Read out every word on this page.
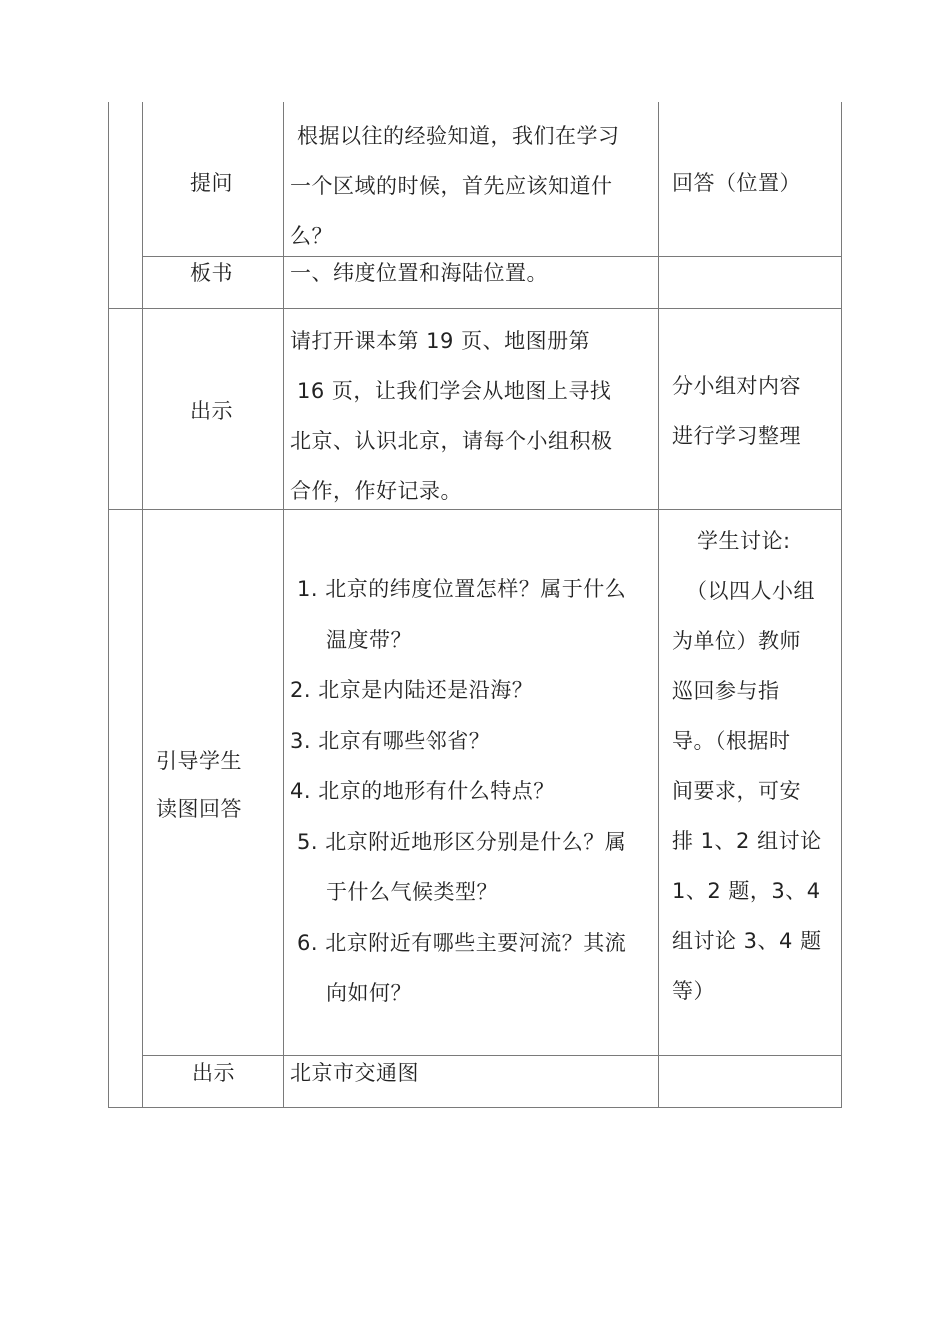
提问
根据以往的经验知道，我们在学习
一个区域的时候，首先应该知道什
么？
回答（位置）
板书	一、纬度位置和海陆位置。
出示
请打开课本第 19 页、地图册第
16 页，让我们学会从地图上寻找
北京、认识北京，请每个小组积极
合作，作好记录。
分小组对内容
进行学习整理
引导学生
读图回答
1. 北京的纬度位置怎样？属于什么
温度带？
2. 北京是内陆还是沿海？
3. 北京有哪些邻省？
4. 北京的地形有什么特点？
5. 北京附近地形区分别是什么？属
于什么气候类型？
6. 北京附近有哪些主要河流？其流
向如何？
学生讨论:
（以四人小组
为单位）教师
巡回参与指
导。（根据时
间要求，可安
排 1、2 组讨论
1、2 题，3、4
组讨论 3、4 题
等）
出示	北京市交通图
